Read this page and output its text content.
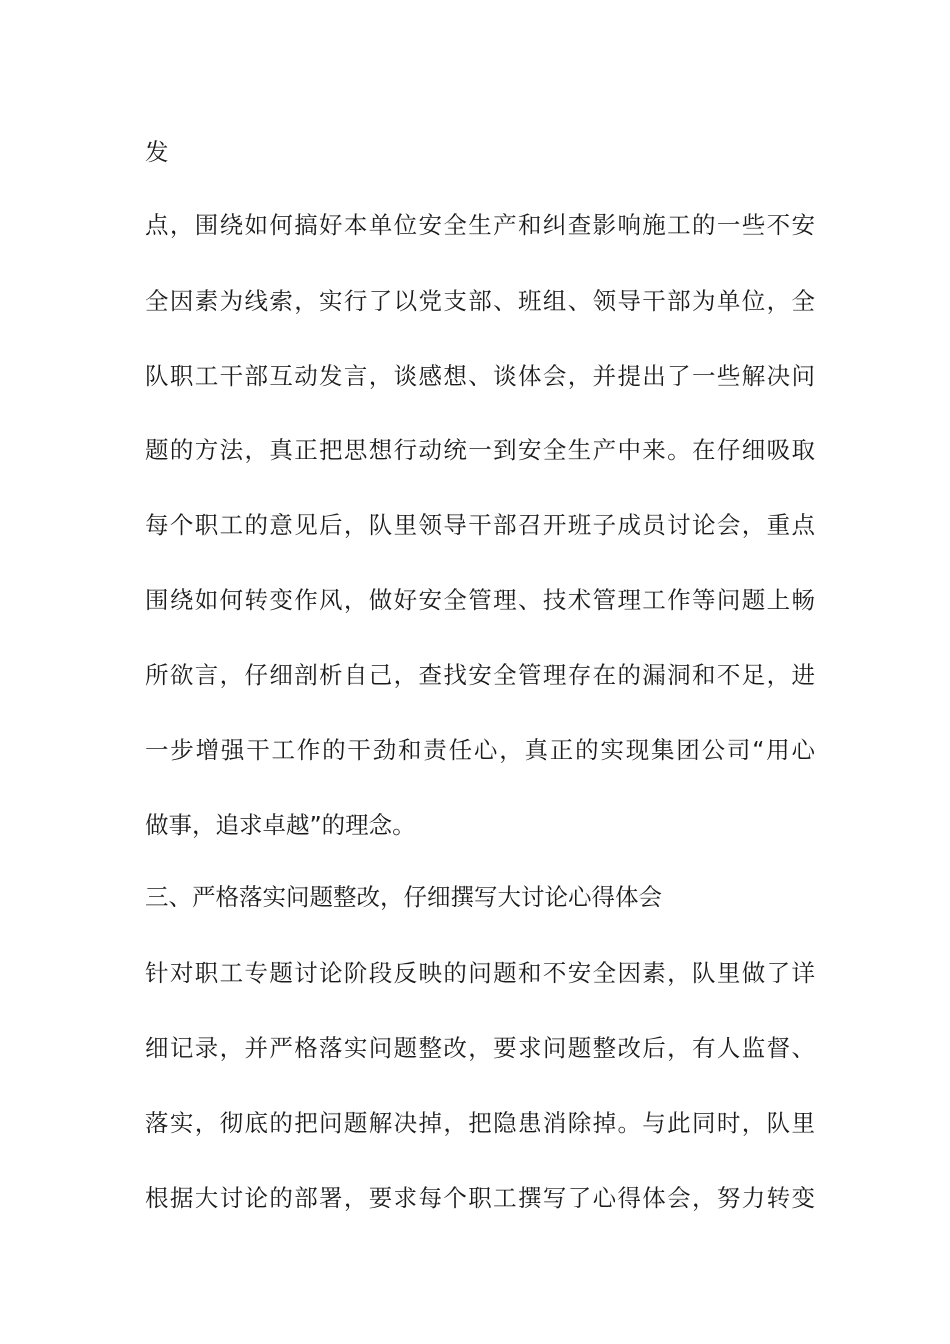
发
点，围绕如何搞好本单位安全生产和纠查影响施工的一些不安
全因素为线索，实行了以党支部、班组、领导干部为单位，全
队职工干部互动发言，谈感想、谈体会，并提出了一些解决问
题的方法，真正把思想行动统一到安全生产中来。在仔细吸取
每个职工的意见后，队里领导干部召开班子成员讨论会，重点
围绕如何转变作风，做好安全管理、技术管理工作等问题上畅
所欲言，仔细剖析自己，查找安全管理存在的漏洞和不足，进
一步增强干工作的干劲和责任心，真正的实现集团公司“用心
做事，追求卓越”的理念。
三、严格落实问题整改，仔细撰写大讨论心得体会
针对职工专题讨论阶段反映的问题和不安全因素，队里做了详
细记录，并严格落实问题整改，要求问题整改后，有人监督、
落实，彻底的把问题解决掉，把隐患消除掉。与此同时，队里
根据大讨论的部署，要求每个职工撰写了心得体会，努力转变
